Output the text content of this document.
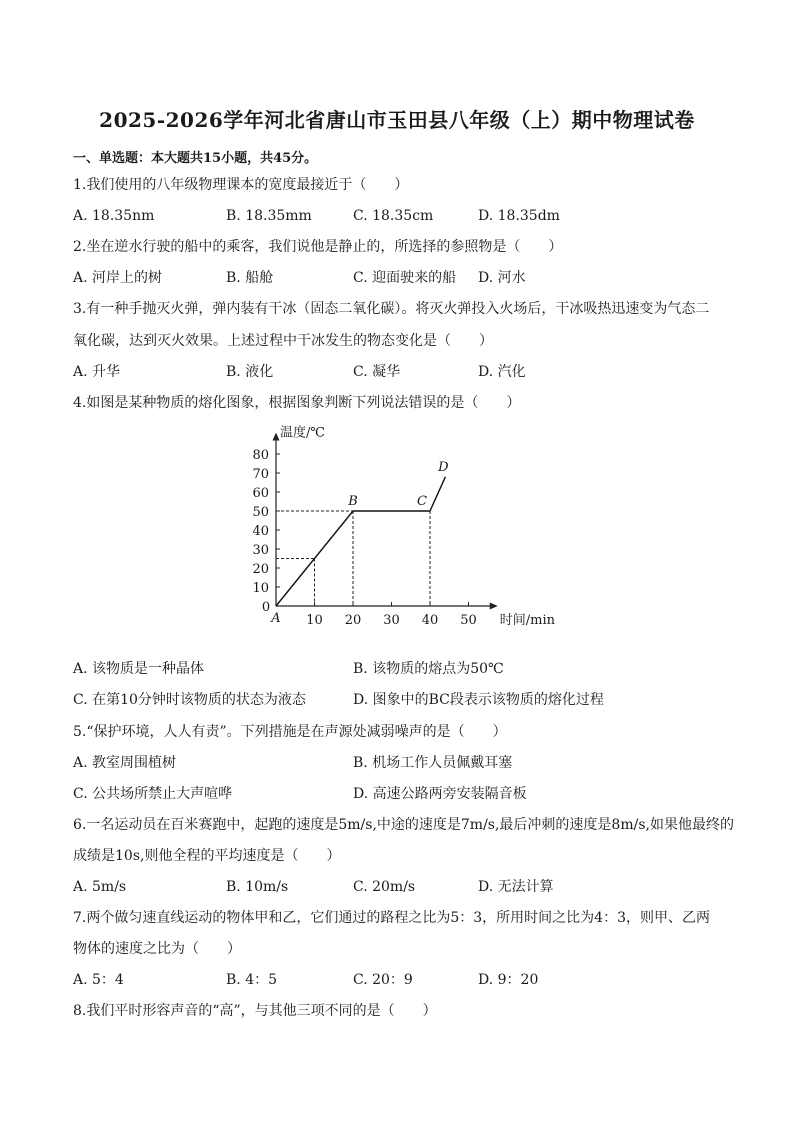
2025-2026学年河北省唐山市玉田县八年级（上）期中物理试卷
一、单选题：本大题共15小题，共45分。
1.我们使用的八年级物理课本的宽度最接近于（　　）
A. 18.35nm	B. 18.35mm	C. 18.35cm	D. 18.35dm
2.坐在逆水行驶的船中的乘客，我们说他是静止的，所选择的参照物是（　　）
A. 河岸上的树	B. 船舱	C. 迎面驶来的船 D. 河水
3.有一种手抛灭火弹，弹内装有干冰（固态二氧化碳）。将灭火弹投入火场后，干冰吸热迅速变为气态二
氧化碳，达到灭火效果。上述过程中干冰发生的物态变化是（　　）
A. 升华	B. 液化	C. 凝华	D. 汽化
4.如图是某种物质的熔化图象，根据图象判断下列说法错误的是（　　）
温度/℃
时间/min
0
10 20 30 40 50
10
20
30
40
50
60
70
80
A
B	C
D
A. 该物质是一种晶体	B. 该物质的熔点为50℃
C. 在第10分钟时该物质的状态为液态	D. 图象中的BC段表示该物质的熔化过程
5.“保护环境，人人有责”。下列措施是在声源处减弱噪声的是（　　）
A. 教室周围植树	B. 机场工作人员佩戴耳塞
C. 公共场所禁止大声喧哗	D. 高速公路两旁安装隔音板
6.一名运动员在百米赛跑中，起跑的速度是5m/s,中途的速度是7m/s,最后冲刺的速度是8m/s,如果他最终的
成绩是10s,则他全程的平均速度是（　　）
A. 5m/s	B. 10m/s	C. 20m/s	D. 无法计算
7.两个做匀速直线运动的物体甲和乙，它们通过的路程之比为5：3，所用时间之比为4：3，则甲、乙两
物体的速度之比为（　　）
A. 5：4	B. 4：5	C. 20：9	D. 9：20
8.我们平时形容声音的“高”，与其他三项不同的是（　　）
